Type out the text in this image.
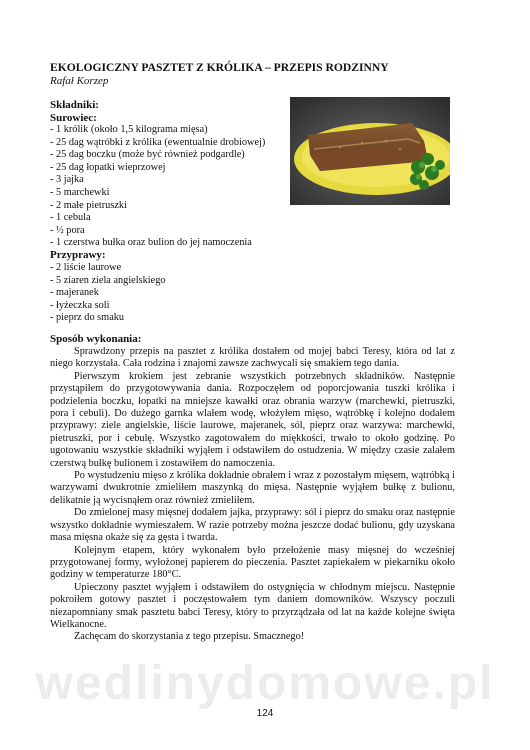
EKOLOGICZNY PASZTET Z KRÓLIKA – PRZEPIS RODZINNY
Rafał Korzep
Składniki:
Surowiec:
- 1 królik (około 1,5 kilograma mięsa)
- 25 dag wątróbki z królika (ewentualnie drobiowej)
- 25 dag boczku (może być również podgardle)
- 25 dag łopatki wieprzowej
- 3 jajka
- 5 marchewki
- 2 małe pietruszki
- 1 cebula
- ½ pora
- 1 czerstwa bułka oraz bulion do jej namoczenia
Przyprawy:
- 2 liście laurowe
- 5 ziaren ziela angielskiego
- majeranek
- łyżeczka soli
- pieprz do smaku
Sposób wykonania:

Sprawdzony przepis na pasztet z królika dostałem od mojej babci Teresy, która od lat z niego korzystała. Cała rodzina i znajomi zawsze zachwycali się smakiem tego dania.

Pierwszym krokiem jest zebranie wszystkich potrzebnych składników. Następnie przystąpiłem do przygotowywania dania. Rozpoczęłem od poporcjowania tuszki królika i podzielenia boczku, łopatki na mniejsze kawałki oraz obrania warzyw (marchewki, pietruszki, pora i cebuli). Do dużego garnka wlałem wodę, włożyłem mięso, wątróbkę i kolejno dodałem przyprawy: ziele angielskie, liście laurowe, majeranek, sól, pieprz oraz warzywa: marchewki, pietruszki, por i cebulę. Wszystko zagotowałem do miękkości, trwało to około godzinę. Po ugotowaniu wszystkie składniki wyjąłem i odstawiłem do ostudzenia. W między czasie zalałem czerstwą bułkę bulionem i zostawiłem do namoczenia.

Po wystudzeniu mięso z królika dokładnie obrałem i wraz z pozostałym mięsem, wątróbką i warzywami dwukrotnie zmieliłem maszynką do mięsa. Następnie wyjąłem bułkę z bulionu, delikatnie ją wycisnąłem oraz również zmieliłem.

Do zmielonej masy mięsnej dodałem jajka, przyprawy: sól i pieprz do smaku oraz następnie wszystko dokładnie wymieszałem. W razie potrzeby można jeszcze dodać bulionu, gdy uzyskana masa mięsna okaże się za gęsta i twarda.

Kolejnym etapem, który wykonałem było przełożenie masy mięsnej do wcześniej przygotowanej formy, wyłożonej papierem do pieczenia. Pasztet zapiekałem w piekarniku około godziny w temperaturze 180°C.

Upieczony pasztet wyjąłem i odstawiłem do ostygnięcia w chłodnym miejscu. Następnie pokroiłem gotowy pasztet i poczęstowałem tym daniem domowników. Wszyscy poczuli niezapomniany smak pasztetu babci Teresy, który to przyrządzała od lat na każde kolejne święta Wielkanocne.

Zachęcam do skorzystania z tego przepisu. Smacznego!

wedlinydomowe.pl
124
